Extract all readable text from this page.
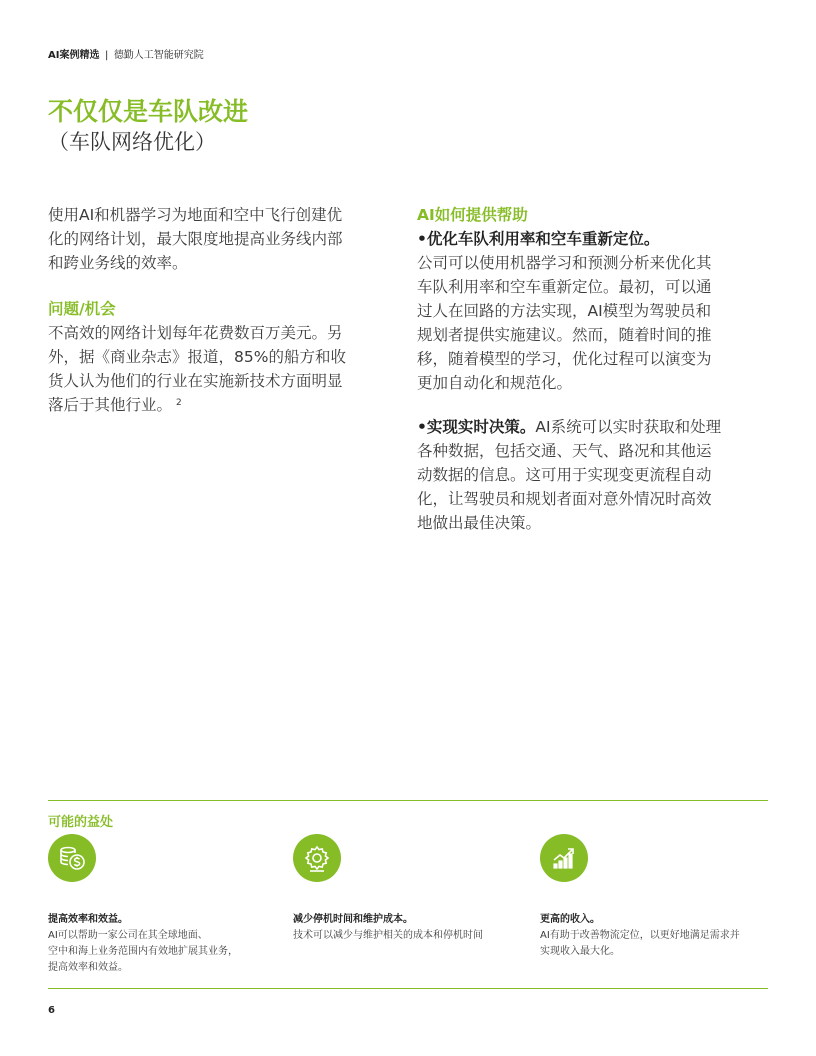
AI案例精选 | 德勤人工智能研究院
不仅仅是车队改进
（车队网络优化）
使用AI和机器学习为地面和空中飞行创建优
化的网络计划，最大限度地提高业务线内部
和跨业务线的效率。
问题/机会
不高效的网络计划每年花费数百万美元。另
外，据《商业杂志》报道，85%的船方和收
货人认为他们的行业在实施新技术方面明显
落后于其他行业。 $^2$
AI如何提供帮助
•优化车队利用率和空车重新定位。
公司可以使用机器学习和预测分析来优化其
车队利用率和空车重新定位。最初，可以通
过人在回路的方法实现，AI模型为驾驶员和
规划者提供实施建议。然而，随着时间的推
移，随着模型的学习，优化过程可以演变为
更加自动化和规范化。
•实现实时决策。AI系统可以实时获取和处理
各种数据，包括交通、天气、路况和其他运
动数据的信息。这可用于实现变更流程自动
化，让驾驶员和规划者面对意外情况时高效
地做出最佳决策。
可能的益处
提高效率和效益。
AI可以帮助一家公司在其全球地面、
空中和海上业务范围内有效地扩展其业务，
提高效率和效益。
减少停机时间和维护成本。
技术可以减少与维护相关的成本和停机时间
更高的收入。
AI有助于改善物流定位，以更好地满足需求并
实现收入最大化。
6
